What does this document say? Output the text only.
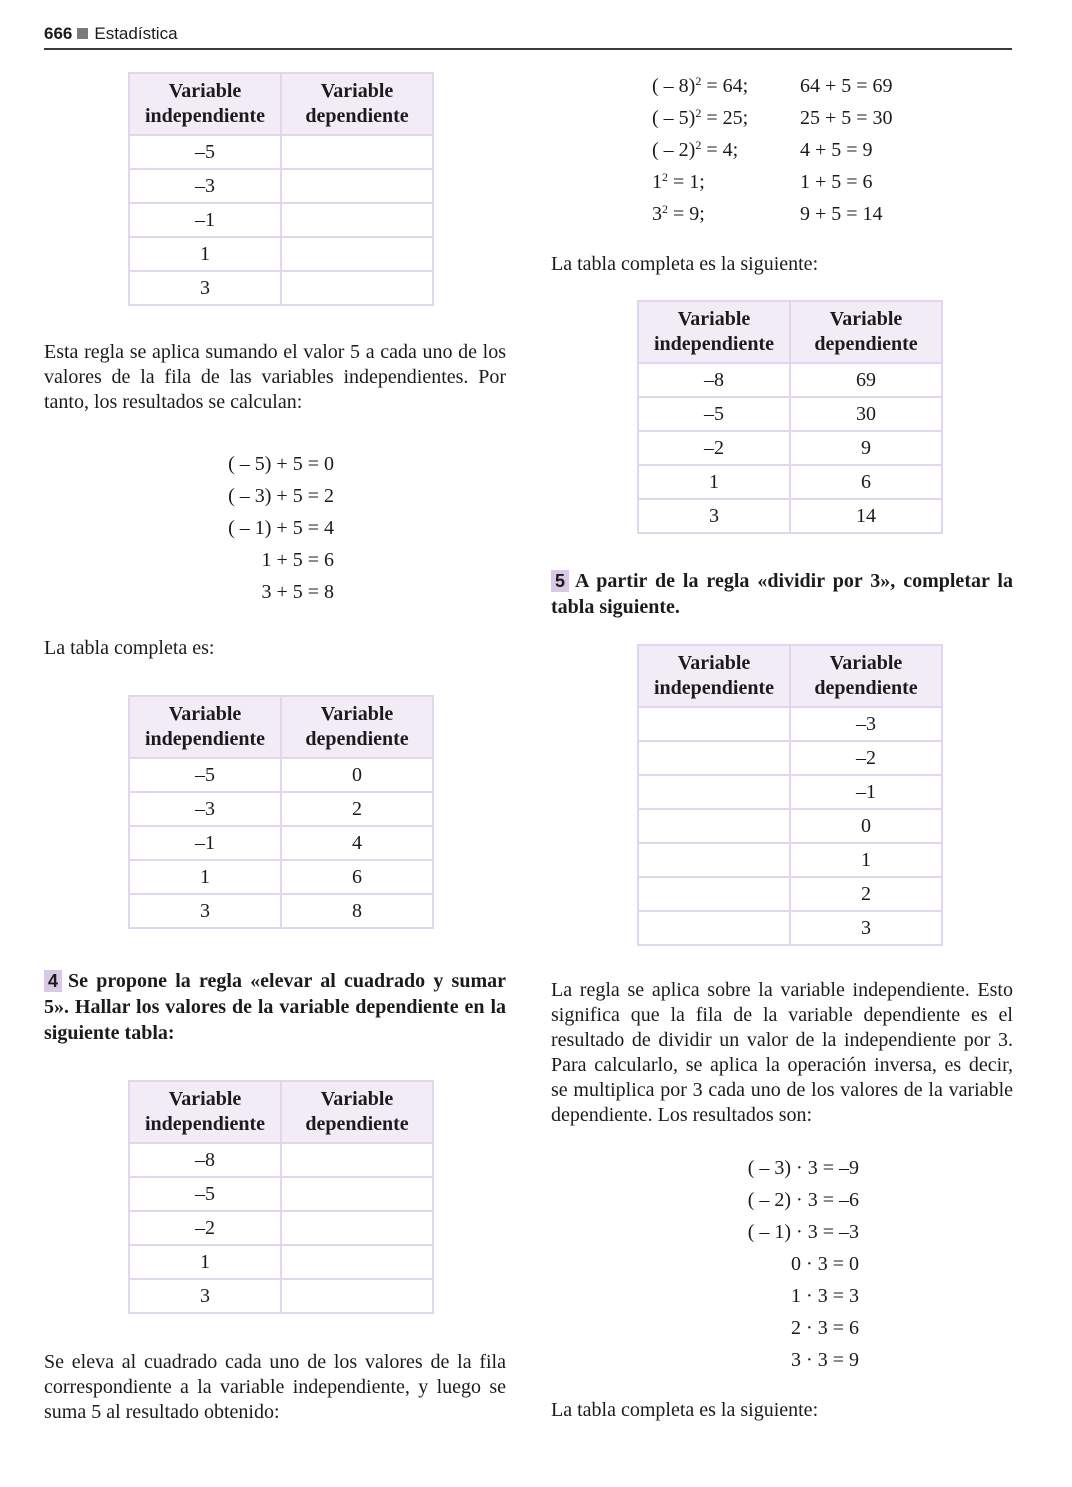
666 Estadística
Variable
independiente	Variable
dependiente
–5	
–3	
–1	
1	
3	

Esta regla se aplica sumando el valor 5 a cada uno de los valores de la fila de las variables independientes. Por tanto, los resultados se calculan:

( – 5) + 5 = 0
( – 3) + 5 = 2
( – 1) + 5 = 4
1 + 5 = 6
3 + 5 = 8

La tabla completa es:

Variable
independiente	Variable
dependiente
–5	0
–3	2
–1	4
1	6
3	8

4 Se propone la regla «elevar al cuadrado y sumar 5». Hallar los valores de la variable dependiente en la siguiente tabla:

Variable
independiente	Variable
dependiente
–8	
–5	
–2	
1	
3	

Se eleva al cuadrado cada uno de los valores de la fila correspondiente a la variable independiente, y luego se suma 5 al resultado obtenido:

( – 8)$^2$ = 64;	64 + 5 = 69
( – 5)$^2$ = 25;	25 + 5 = 30
( – 2)$^2$ = 4;	4 + 5 = 9
$1^2 = 1$;	1 + 5 = 6
$3^2 = 9$;	9 + 5 = 14

La tabla completa es la siguiente:

Variable
independiente	Variable
dependiente
–8	69
–5	30
–2	9
1	6
3	14

5 A partir de la regla «dividir por 3», completar la tabla siguiente.

Variable
independiente	Variable
dependiente
	–3
	–2
	–1
	0
	1
	2
	3

La regla se aplica sobre la variable independiente. Esto significa que la fila de la variable dependiente es el resultado de dividir un valor de la independiente por 3. Para calcularlo, se aplica la operación inversa, es decir, se multiplica por 3 cada uno de los valores de la variable dependiente. Los resultados son:

( – 3) · 3 = –9
( – 2) · 3 = –6
( – 1) · 3 = –3
0 · 3 = 0
1 · 3 = 3
2 · 3 = 6
3 · 3 = 9

La tabla completa es la siguiente:
